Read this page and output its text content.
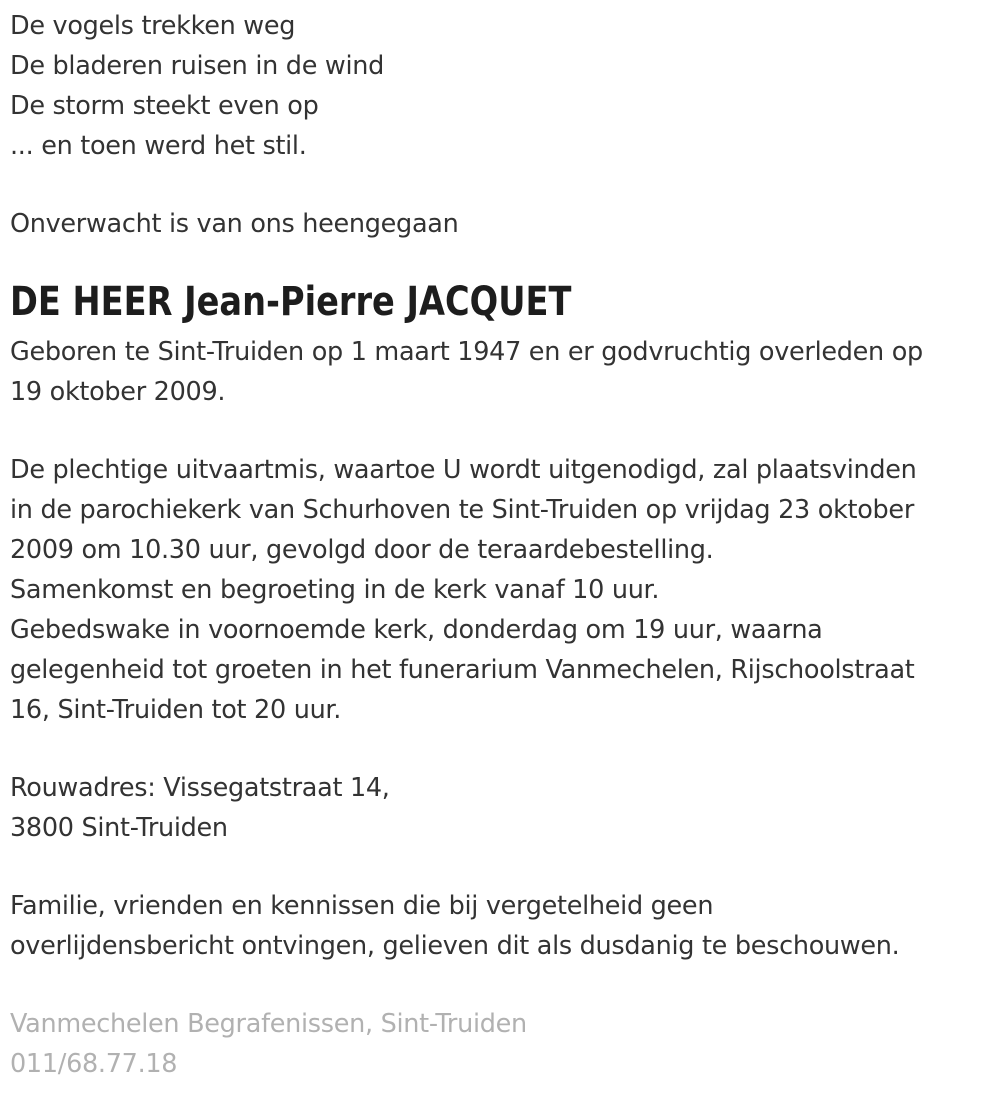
De vogels trekken weg
De bladeren ruisen in de wind
De storm steekt even op
... en toen werd het stil.
Onverwacht is van ons heengegaan
DE HEER Jean-Pierre JACQUET
Geboren te Sint-Truiden op 1 maart 1947 en er godvruchtig overleden op
19 oktober 2009.
De plechtige uitvaartmis, waartoe U wordt uitgenodigd, zal plaatsvinden
in de parochiekerk van Schurhoven te Sint-Truiden op vrijdag 23 oktober
2009 om 10.30 uur, gevolgd door de teraardebestelling.
Samenkomst en begroeting in de kerk vanaf 10 uur.
Gebedswake in voornoemde kerk, donderdag om 19 uur, waarna
gelegenheid tot groeten in het funerarium Vanmechelen, Rijschoolstraat
16, Sint-Truiden tot 20 uur.
Rouwadres: Vissegatstraat 14,
3800 Sint-Truiden
Familie, vrienden en kennissen die bij vergetelheid geen
overlijdensbericht ontvingen, gelieven dit als dusdanig te beschouwen.
Vanmechelen Begrafenissen, Sint-Truiden
011/68.77.18
